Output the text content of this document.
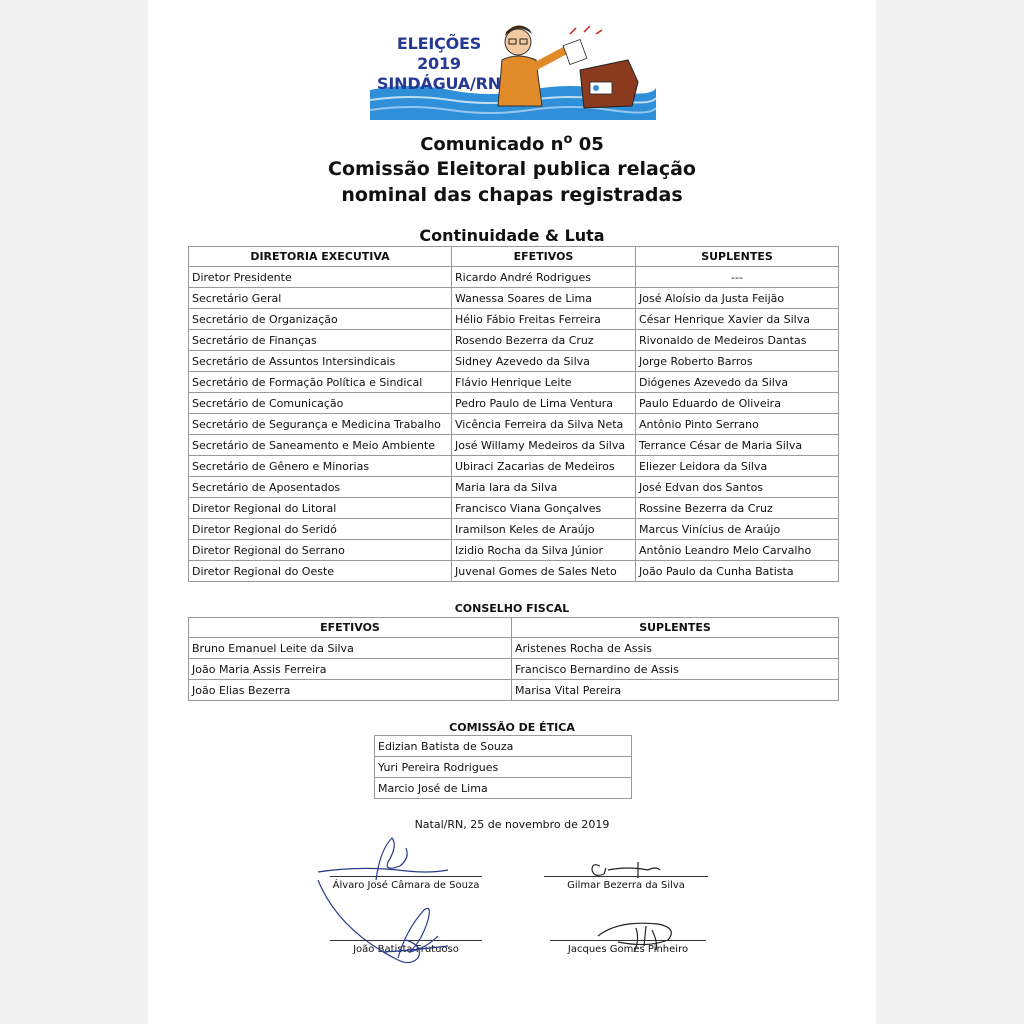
ELEIÇÕES 2019
SINDÁGUA/RN
Comunicado $n^o$ 05
Comissão Eleitoral publica relação
nominal das chapas registradas
Continuidade & Luta
DIRETORIA EXECUTIVA	EFETIVOS	SUPLENTES
Diretor Presidente	Ricardo André Rodrigues	---
Secretário Geral	Wanessa Soares de Lima	José Aloísio da Justa Feijão
Secretário de Organização	Hélio Fábio Freitas Ferreira	César Henrique Xavier da Silva
Secretário de Finanças	Rosendo Bezerra da Cruz	Rivonaldo de Medeiros Dantas
Secretário de Assuntos Intersindicais	Sidney Azevedo da Silva	Jorge Roberto Barros
Secretário de Formação Política e Sindical	Flávio Henrique Leite	Diógenes Azevedo da Silva
Secretário de Comunicação	Pedro Paulo de Lima Ventura	Paulo Eduardo de Oliveira
Secretário de Segurança e Medicina Trabalho	Vicência Ferreira da Silva Neta	Antônio Pinto Serrano
Secretário de Saneamento e Meio Ambiente	José Willamy Medeiros da Silva	Terrance César de Maria Silva
Secretário de Gênero e Minorias	Ubiraci Zacarias de Medeiros	Eliezer Leidora da Silva
Secretário de Aposentados	Maria Iara da Silva	José Edvan dos Santos
Diretor Regional do Litoral	Francisco Viana Gonçalves	Rossine Bezerra da Cruz
Diretor Regional do Seridó	Iramilson Keles de Araújo	Marcus Vinícius de Araújo
Diretor Regional do Serrano	Izidio Rocha da Silva Júnior	Antônio Leandro Melo Carvalho
Diretor Regional do Oeste	Juvenal Gomes de Sales Neto	João Paulo da Cunha Batista
CONSELHO FISCAL
EFETIVOS	SUPLENTES
Bruno Emanuel Leite da Silva	Aristenes Rocha de Assis
João Maria Assis Ferreira	Francisco Bernardino de Assis
João Elias Bezerra	Marisa Vital Pereira
COMISSÃO DE ÉTICA
Edizian Batista de Souza
Yuri Pereira Rodrigues
Marcio José de Lima
Natal/RN, 25 de novembro de 2019
Álvaro José Câmara de Souza	Gilmar Bezerra da Silva
João Batista Frutuoso	Jacques Gomes Pinheiro
